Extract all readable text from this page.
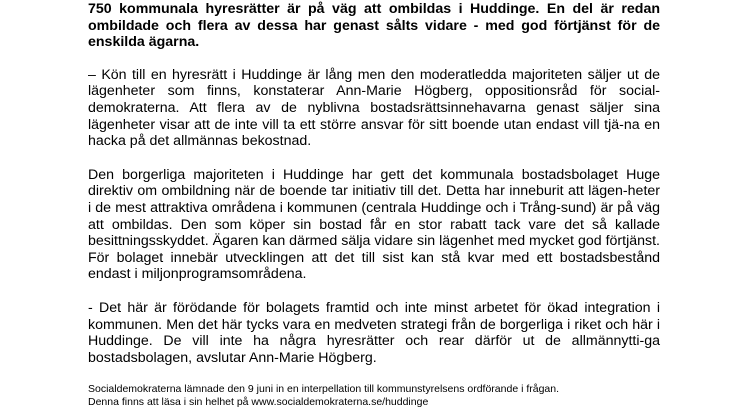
750 kommunala hyresrätter är på väg att ombildas i Huddinge. En del är redan ombildade och flera av dessa har genast sålts vidare - med god förtjänst för de enskilda ägarna.

– Kön till en hyresrätt i Huddinge är lång men den moderatledda majoriteten säljer ut de lägenheter som finns, konstaterar Ann-Marie Högberg, oppositionsråd för social-demokraterna. Att flera av de nyblivna bostadsrättsinnehavarna genast säljer sina lägenheter visar att de inte vill ta ett större ansvar för sitt boende utan endast vill tjä-na en hacka på det allmännas bekostnad.

Den borgerliga majoriteten i Huddinge har gett det kommunala bostadsbolaget Huge direktiv om ombildning när de boende tar initiativ till det. Detta har inneburit att lägen-heter i de mest attraktiva områdena i kommunen (centrala Huddinge och i Trång-sund) är på väg att ombildas. Den som köper sin bostad får en stor rabatt tack vare det så kallade besittningsskyddet. Ägaren kan därmed sälja vidare sin lägenhet med mycket god förtjänst. För bolaget innebär utvecklingen att det till sist kan stå kvar med ett bostadsbestånd endast i miljonprogramsområdena.

- Det här är förödande för bolagets framtid och inte minst arbetet för ökad integration i kommunen. Men det här tycks vara en medveten strategi från de borgerliga i riket och här i Huddinge. De vill inte ha några hyresrätter och rear därför ut de allmännytti-ga bostadsbolagen, avslutar Ann-Marie Högberg.

Socialdemokraterna lämnade den 9 juni in en interpellation till kommunstyrelsens ordförande i frågan.
Denna finns att läsa i sin helhet på www.socialdemokraterna.se/huddinge
